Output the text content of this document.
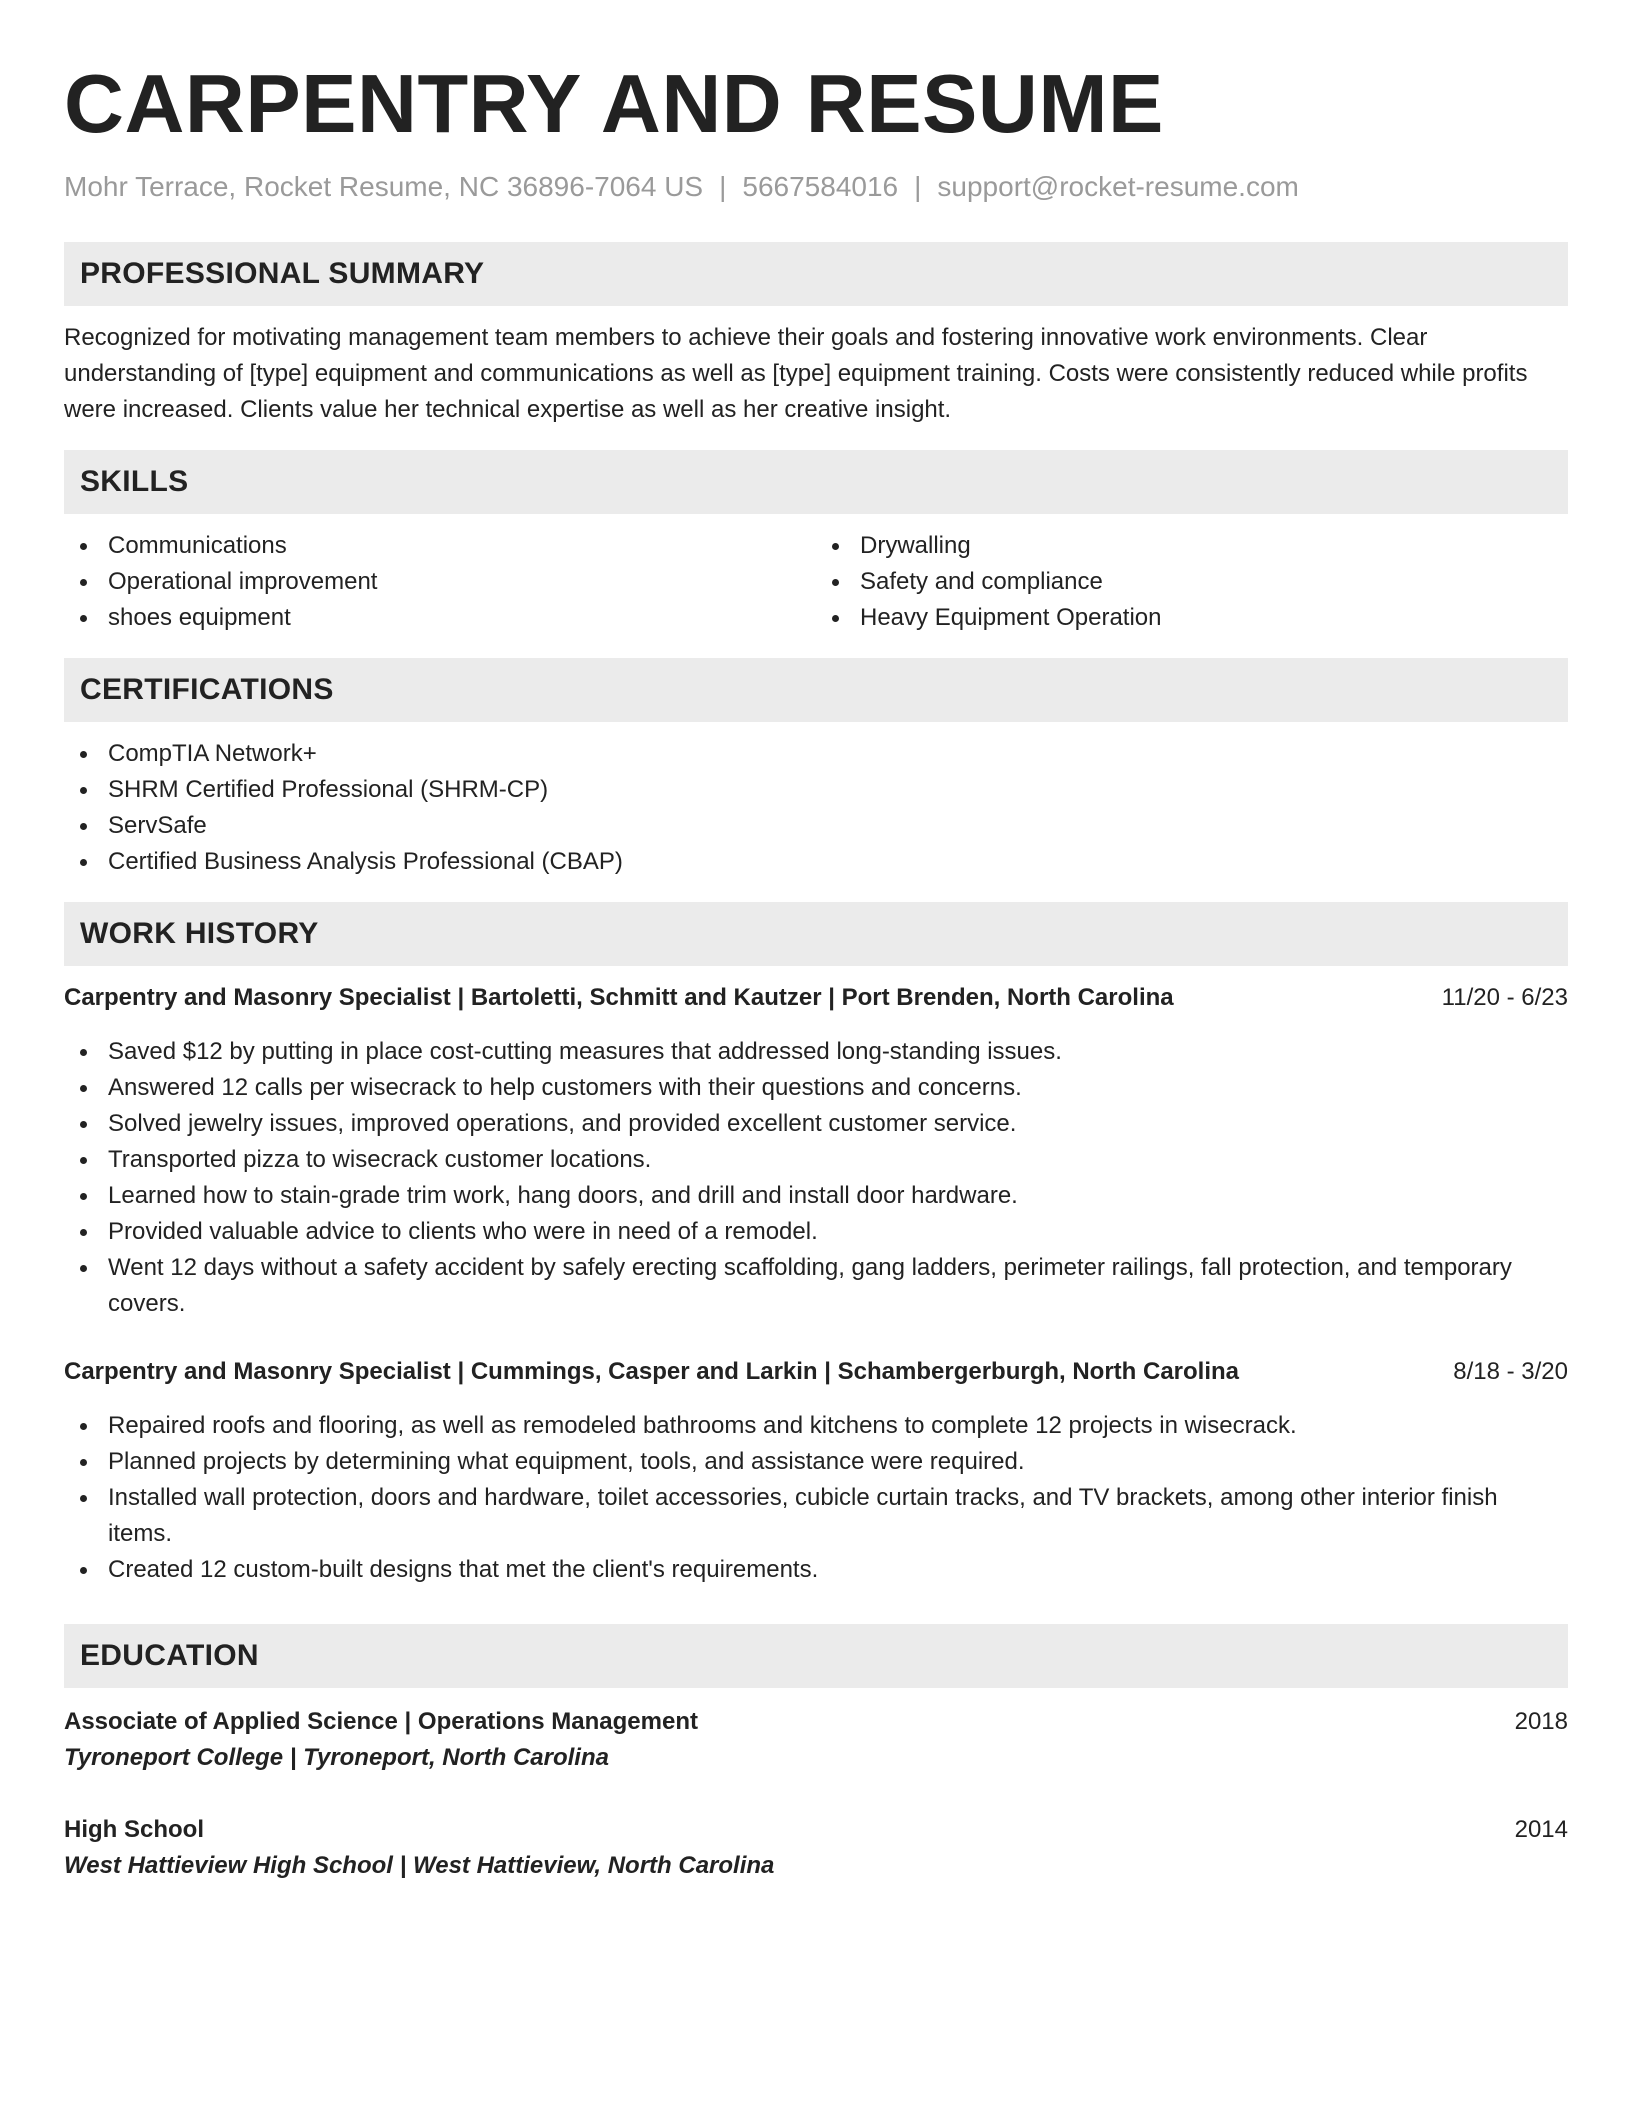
CARPENTRY AND RESUME
Mohr Terrace, Rocket Resume, NC 36896-7064 US | 5667584016 | support@rocket-resume.com
PROFESSIONAL SUMMARY

Recognized for motivating management team members to achieve their goals and fostering innovative work environments. Clear understanding of [type] equipment and communications as well as [type] equipment training. Costs were consistently reduced while profits were increased. Clients value her technical expertise as well as her creative insight.

SKILLS
Communications
Operational improvement
shoes equipment
Drywalling
Safety and compliance
Heavy Equipment Operation
CERTIFICATIONS
CompTIA Network+
SHRM Certified Professional (SHRM-CP)
ServSafe
Certified Business Analysis Professional (CBAP)
WORK HISTORY
Carpentry and Masonry Specialist | Bartoletti, Schmitt and Kautzer | Port Brenden, North Carolina	11/20 - 6/23
Saved $12 by putting in place cost-cutting measures that addressed long-standing issues.
Answered 12 calls per wisecrack to help customers with their questions and concerns.
Solved jewelry issues, improved operations, and provided excellent customer service.
Transported pizza to wisecrack customer locations.
Learned how to stain-grade trim work, hang doors, and drill and install door hardware.
Provided valuable advice to clients who were in need of a remodel.
Went 12 days without a safety accident by safely erecting scaffolding, gang ladders, perimeter railings, fall protection, and temporary covers.
Carpentry and Masonry Specialist | Cummings, Casper and Larkin | Schambergerburgh, North Carolina	8/18 - 3/20
Repaired roofs and flooring, as well as remodeled bathrooms and kitchens to complete 12 projects in wisecrack.
Planned projects by determining what equipment, tools, and assistance were required.
Installed wall protection, doors and hardware, toilet accessories, cubicle curtain tracks, and TV brackets, among other interior finish items.
Created 12 custom-built designs that met the client's requirements.
EDUCATION
Associate of Applied Science | Operations Management	2018
Tyroneport College | Tyroneport, North Carolina
High School	2014
West Hattieview High School | West Hattieview, North Carolina
